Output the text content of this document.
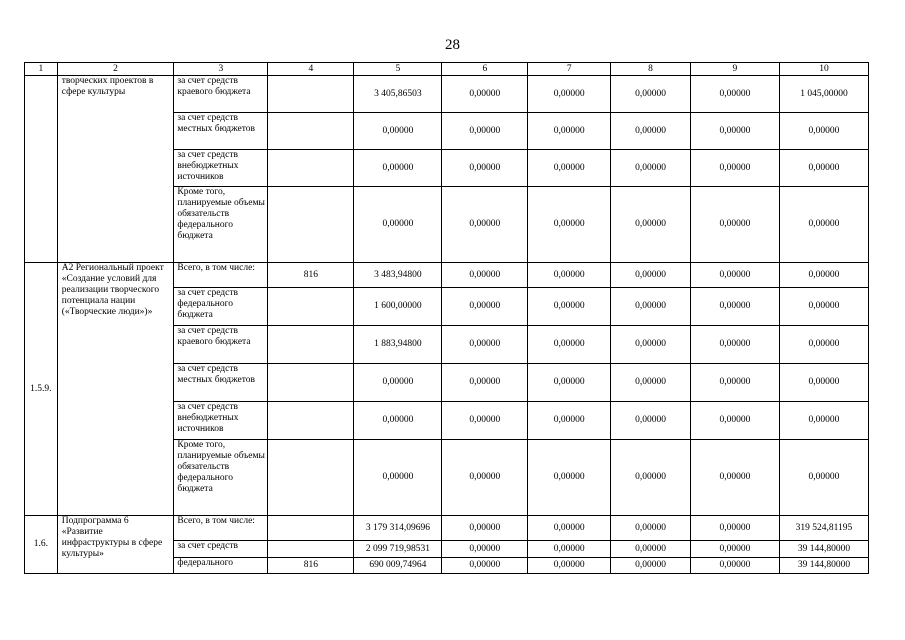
28
1	2	3	4	5	6	7	8	9	10
	творческих проектов в сфере культуры	за счет средств краевого бюджета		3 405,86503	0,00000	0,00000	0,00000	0,00000	1 045,00000
		за счет средств местных бюджетов		0,00000	0,00000	0,00000	0,00000	0,00000	0,00000
		за счет средств внебюджетных источников		0,00000	0,00000	0,00000	0,00000	0,00000	0,00000
		Кроме того, планируемые объемы обязательств федерального бюджета		0,00000	0,00000	0,00000	0,00000	0,00000	0,00000
1.5.9.	А2 Региональный проект «Создание условий для реализации творческого потенциала нации («Творческие люди»)»	Всего, в том числе:	816	3 483,94800	0,00000	0,00000	0,00000	0,00000	0,00000
		за счет средств федерального бюджета		1 600,00000	0,00000	0,00000	0,00000	0,00000	0,00000
		за счет средств краевого бюджета		1 883,94800	0,00000	0,00000	0,00000	0,00000	0,00000
		за счет средств местных бюджетов		0,00000	0,00000	0,00000	0,00000	0,00000	0,00000
		за счет средств внебюджетных источников		0,00000	0,00000	0,00000	0,00000	0,00000	0,00000
		Кроме того, планируемые объемы обязательств федерального бюджета		0,00000	0,00000	0,00000	0,00000	0,00000	0,00000
1.6.	Подпрограмма 6 «Развитие инфраструктуры в сфере культуры»	Всего, в том числе:		3 179 314,09696	0,00000	0,00000	0,00000	0,00000	319 524,81195
		за счет средств		2 099 719,98531	0,00000	0,00000	0,00000	0,00000	39 144,80000
		федерального	816	690 009,74964	0,00000	0,00000	0,00000	0,00000	39 144,80000
